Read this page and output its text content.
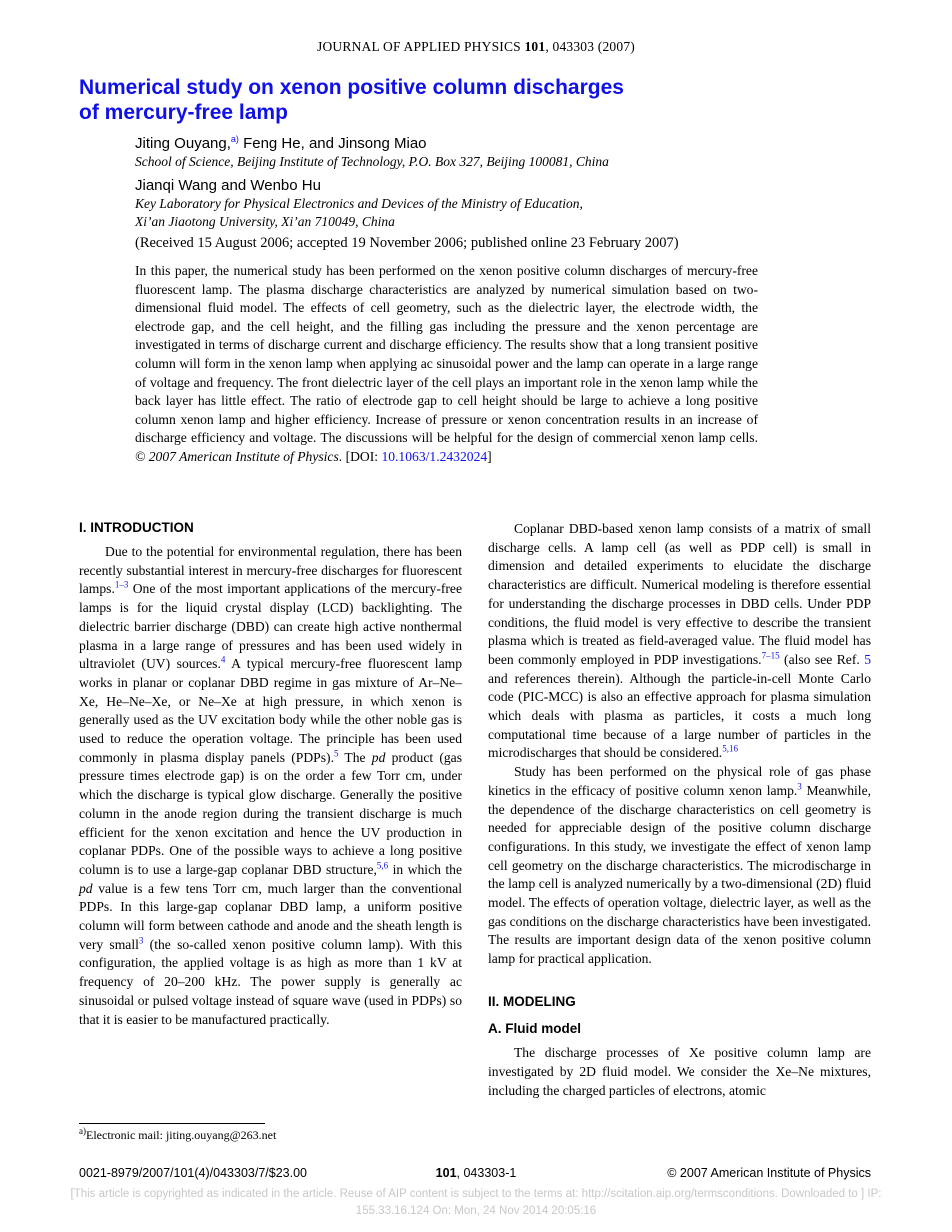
JOURNAL OF APPLIED PHYSICS 101, 043303 (2007)
Numerical study on xenon positive column discharges
of mercury-free lamp
Jiting Ouyang,$^{a)}$ Feng He, and Jinsong Miao
School of Science, Beijing Institute of Technology, P.O. Box 327, Beijing 100081, China
Jianqi Wang and Wenbo Hu
Key Laboratory for Physical Electronics and Devices of the Ministry of Education,
Xi’an Jiaotong University, Xi’an 710049, China
(Received 15 August 2006; accepted 19 November 2006; published online 23 February 2007)
In this paper, the numerical study has been performed on the xenon positive column discharges of mercury-free fluorescent lamp. The plasma discharge characteristics are analyzed by numerical simulation based on two-dimensional fluid model. The effects of cell geometry, such as the dielectric layer, the electrode width, the electrode gap, and the cell height, and the filling gas including the pressure and the xenon percentage are investigated in terms of discharge current and discharge efficiency. The results show that a long transient positive column will form in the xenon lamp when applying ac sinusoidal power and the lamp can operate in a large range of voltage and frequency. The front dielectric layer of the cell plays an important role in the xenon lamp while the back layer has little effect. The ratio of electrode gap to cell height should be large to achieve a long positive column xenon lamp and higher efficiency. Increase of pressure or xenon concentration results in an increase of discharge efficiency and voltage. The discussions will be helpful for the design of commercial xenon lamp cells. © 2007 American Institute of Physics. [DOI: 10.1063/1.2432024]
I. INTRODUCTION

Due to the potential for environmental regulation, there has been recently substantial interest in mercury-free discharges for fluorescent lamps.$^{1-3}$ One of the most important applications of the mercury-free lamps is for the liquid crystal display (LCD) backlighting. The dielectric barrier discharge (DBD) can create high active nonthermal plasma in a large range of pressures and has been used widely in ultraviolet (UV) sources.$^4$ A typical mercury-free fluorescent lamp works in planar or coplanar DBD regime in gas mixture of Ar–Ne–Xe, He–Ne–Xe, or Ne–Xe at high pressure, in which xenon is generally used as the UV excitation body while the other noble gas is used to reduce the operation voltage. The principle has been used commonly in plasma display panels (PDPs).$^5$ The pd product (gas pressure times electrode gap) is on the order a few Torr cm, under which the discharge is typical glow discharge. Generally the positive column in the anode region during the transient discharge is much efficient for the xenon excitation and hence the UV production in coplanar PDPs. One of the possible ways to achieve a long positive column is to use a large-gap coplanar DBD structure,$^{5,6}$ in which the pd value is a few tens Torr cm, much larger than the conventional PDPs. In this large-gap coplanar DBD lamp, a uniform positive column will form between cathode and anode and the sheath length is very small$^3$ (the so-called xenon positive column lamp). With this configuration, the applied voltage is as high as more than 1 kV at frequency of 20–200 kHz. The power supply is generally ac sinusoidal or pulsed voltage instead of square wave (used in PDPs) so that it is easier to be manufactured practically.

Coplanar DBD-based xenon lamp consists of a matrix of small discharge cells. A lamp cell (as well as PDP cell) is small in dimension and detailed experiments to elucidate the discharge characteristics are difficult. Numerical modeling is therefore essential for understanding the discharge processes in DBD cells. Under PDP conditions, the fluid model is very effective to describe the transient plasma which is treated as field-averaged value. The fluid model has been commonly employed in PDP investigations.$^{7-15}$ (also see Ref. 5 and references therein). Although the particle-in-cell Monte Carlo code (PIC-MCC) is also an effective approach for plasma simulation which deals with plasma as particles, it costs a much long computational time because of a large number of particles in the microdischarges that should be considered.$^{5,16}$

Study has been performed on the physical role of gas phase kinetics in the efficacy of positive column xenon lamp.$^3$ Meanwhile, the dependence of the discharge characteristics on cell geometry is needed for appreciable design of the positive column discharge configurations. In this study, we investigate the effect of xenon lamp cell geometry on the discharge characteristics. The microdischarge in the lamp cell is analyzed numerically by a two-dimensional (2D) fluid model. The effects of operation voltage, dielectric layer, as well as the gas conditions on the discharge characteristics have been investigated. The results are important design data of the xenon positive column lamp for practical application.

II. MODELING
A. Fluid model

The discharge processes of Xe positive column lamp are investigated by 2D fluid model. We consider the Xe–Ne mixtures, including the charged particles of electrons, atomic

$^{a)}$Electronic mail: jiting.ouyang@263.net
0021-8979/2007/101(4)/043303/7/$23.00	101, 043303-1	© 2007 American Institute of Physics
[This article is copyrighted as indicated in the article. Reuse of AIP content is subject to the terms at: http://scitation.aip.org/termsconditions. Downloaded to ] IP:
155.33.16.124 On: Mon, 24 Nov 2014 20:05:16
